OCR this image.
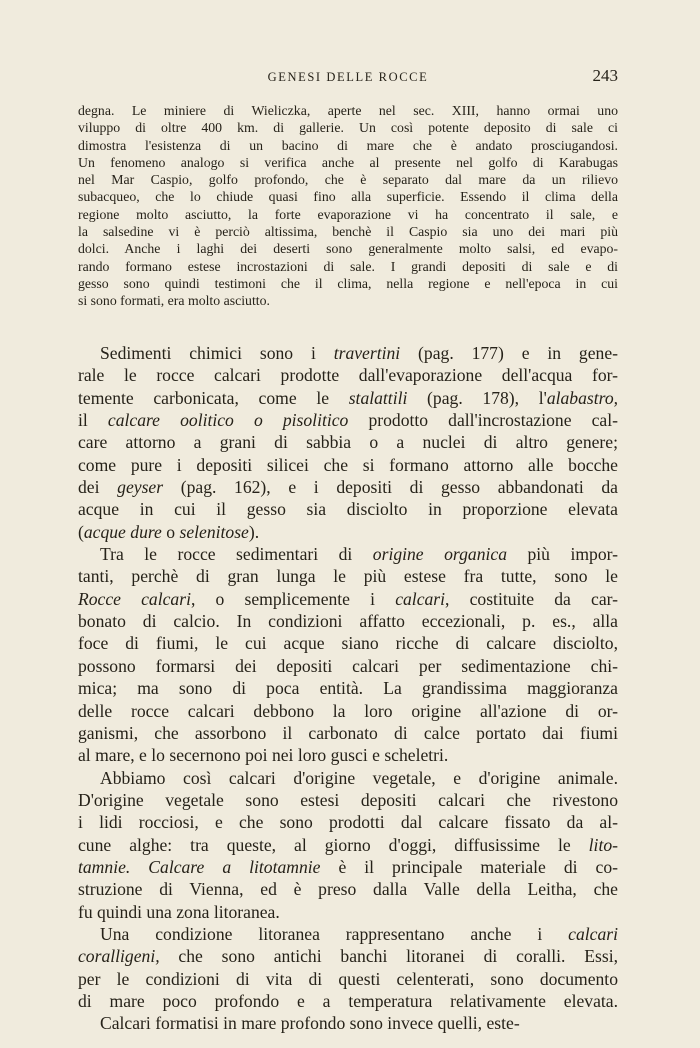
GENESI DELLE ROCCE	243
degna. Le miniere di Wieliczka, aperte nel sec. XIII, hanno ormai uno
viluppo di oltre 400 km. di gallerie. Un così potente deposito di sale ci
dimostra l'esistenza di un bacino di mare che è andato prosciugandosi.
Un fenomeno analogo si verifica anche al presente nel golfo di Karabugas
nel Mar Caspio, golfo profondo, che è separato dal mare da un rilievo
subacqueo, che lo chiude quasi fino alla superficie. Essendo il clima della
regione molto asciutto, la forte evaporazione vi ha concentrato il sale, e
la salsedine vi è perciò altissima, benchè il Caspio sia uno dei mari più
dolci. Anche i laghi dei deserti sono generalmente molto salsi, ed evapo-
rando formano estese incrostazioni di sale. I grandi depositi di sale e di
gesso sono quindi testimoni che il clima, nella regione e nell'epoca in cui
si sono formati, era molto asciutto.
Sedimenti chimici sono i travertini (pag. 177) e in gene-
rale le rocce calcari prodotte dall'evaporazione dell'acqua for-
temente carbonicata, come le stalattili (pag. 178), l'alabastro,
il calcare oolitico o pisolitico prodotto dall'incrostazione cal-
care attorno a grani di sabbia o a nuclei di altro genere;
come pure i depositi silicei che si formano attorno alle bocche
dei geyser (pag. 162), e i depositi di gesso abbandonati da
acque in cui il gesso sia disciolto in proporzione elevata
(acque dure o selenitose).
Tra le rocce sedimentari di origine organica più impor-
tanti, perchè di gran lunga le più estese fra tutte, sono le
Rocce calcari, o semplicemente i calcari, costituite da car-
bonato di calcio. In condizioni affatto eccezionali, p. es., alla
foce di fiumi, le cui acque siano ricche di calcare disciolto,
possono formarsi dei depositi calcari per sedimentazione chi-
mica; ma sono di poca entità. La grandissima maggioranza
delle rocce calcari debbono la loro origine all'azione di or-
ganismi, che assorbono il carbonato di calce portato dai fiumi
al mare, e lo secernono poi nei loro gusci e scheletri.
Abbiamo così calcari d'origine vegetale, e d'origine animale.
D'origine vegetale sono estesi depositi calcari che rivestono
i lidi rocciosi, e che sono prodotti dal calcare fissato da al-
cune alghe: tra queste, al giorno d'oggi, diffusissime le lito-
tamnie. Calcare a litotamnie è il principale materiale di co-
struzione di Vienna, ed è preso dalla Valle della Leitha, che
fu quindi una zona litoranea.
Una condizione litoranea rappresentano anche i calcari
coralligeni, che sono antichi banchi litoranei di coralli. Essi,
per le condizioni di vita di questi celenterati, sono documento
di mare poco profondo e a temperatura relativamente elevata.
Calcari formatisi in mare profondo sono invece quelli, este-
